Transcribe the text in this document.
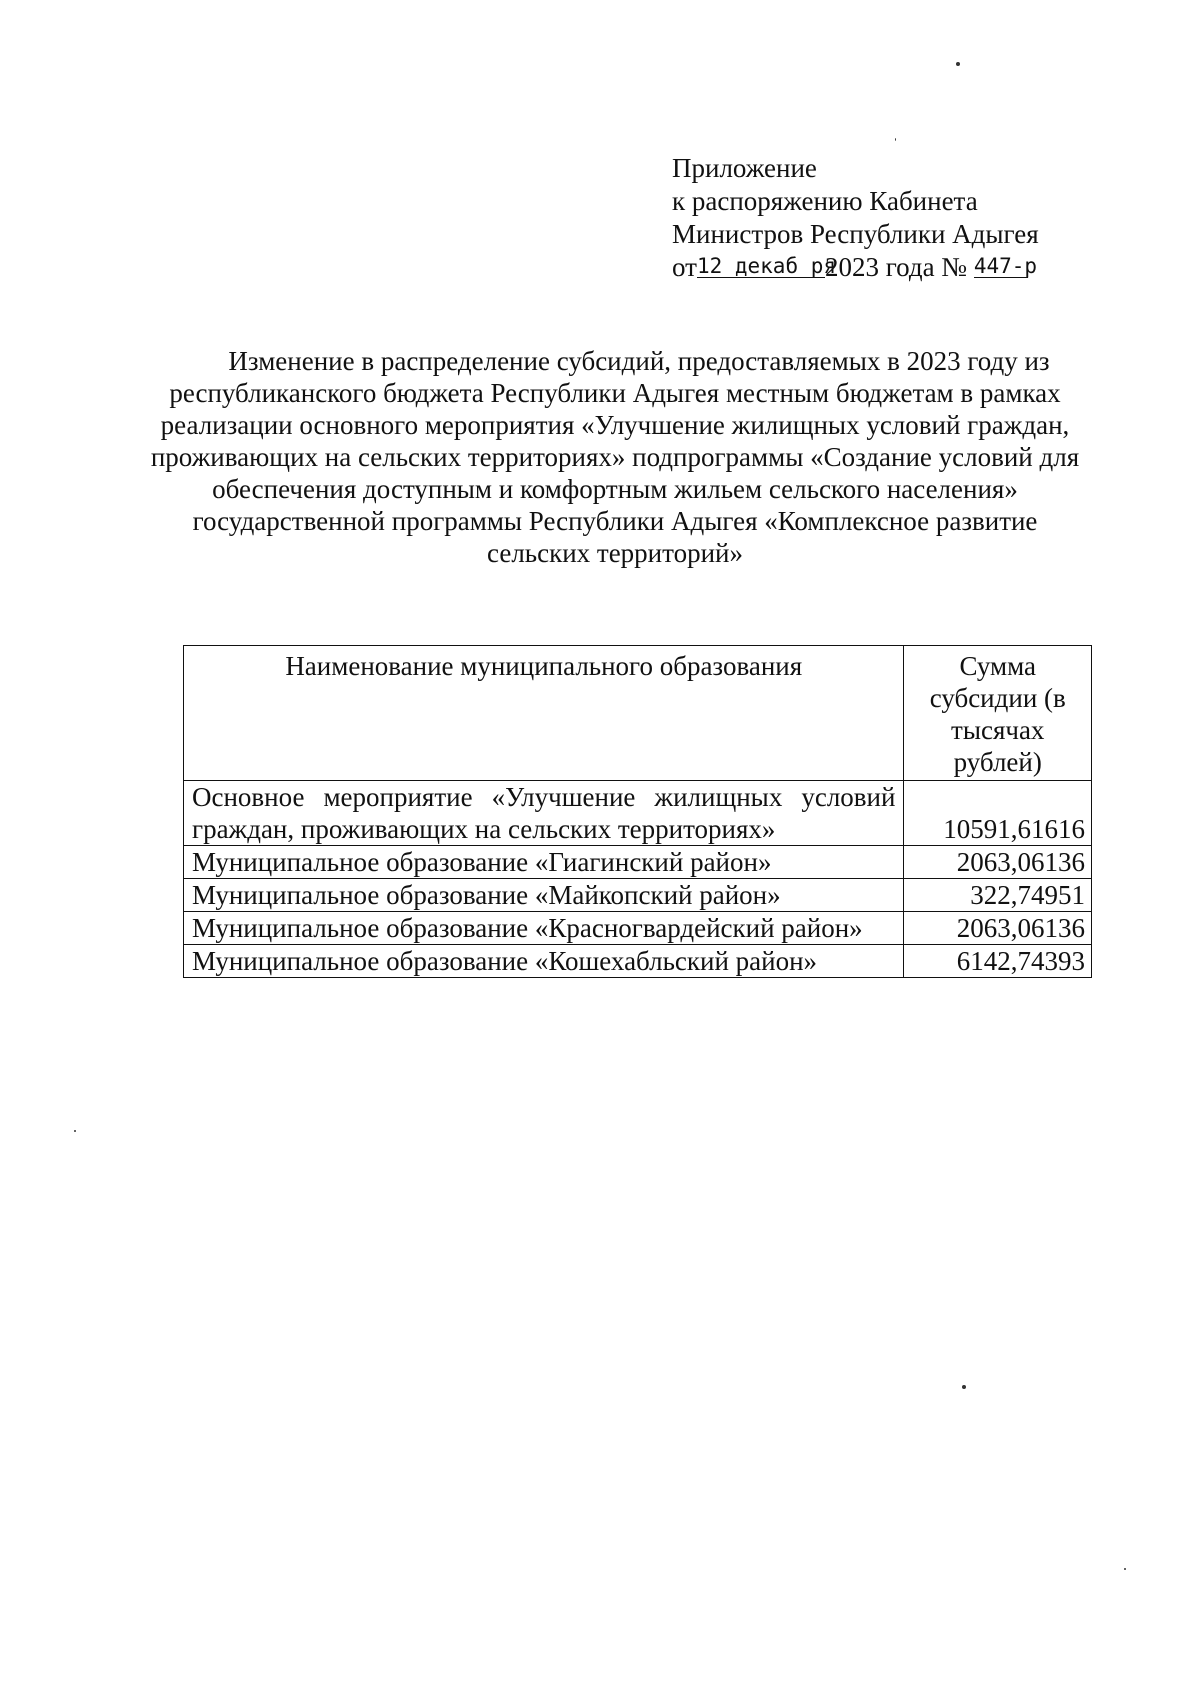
Приложение
к распоряжению Кабинета
Министров Республики Адыгея
от12 декаб ря2023 года № 447-р
Изменение в распределение субсидий, предоставляемых в 2023 году из республиканского бюджета Республики Адыгея местным бюджетам в рамках реализации основного мероприятия «Улучшение жилищных условий граждан, проживающих на сельских территориях» подпрограммы «Создание условий для обеспечения доступным и комфортным жильем сельского населения» государственной программы Республики Адыгея «Комплексное развитие сельских территорий»
Наименование муниципального образования	Сумма субсидии (в тысячах рублей)
Основное мероприятие «Улучшение жилищных условий граждан, проживающих на сельских территориях»	10591,61616
Муниципальное образование «Гиагинский район»	2063,06136
Муниципальное образование «Майкопский район»	322,74951
Муниципальное образование «Красногвардейский район»	2063,06136
Муниципальное образование «Кошехабльский район»	6142,74393
